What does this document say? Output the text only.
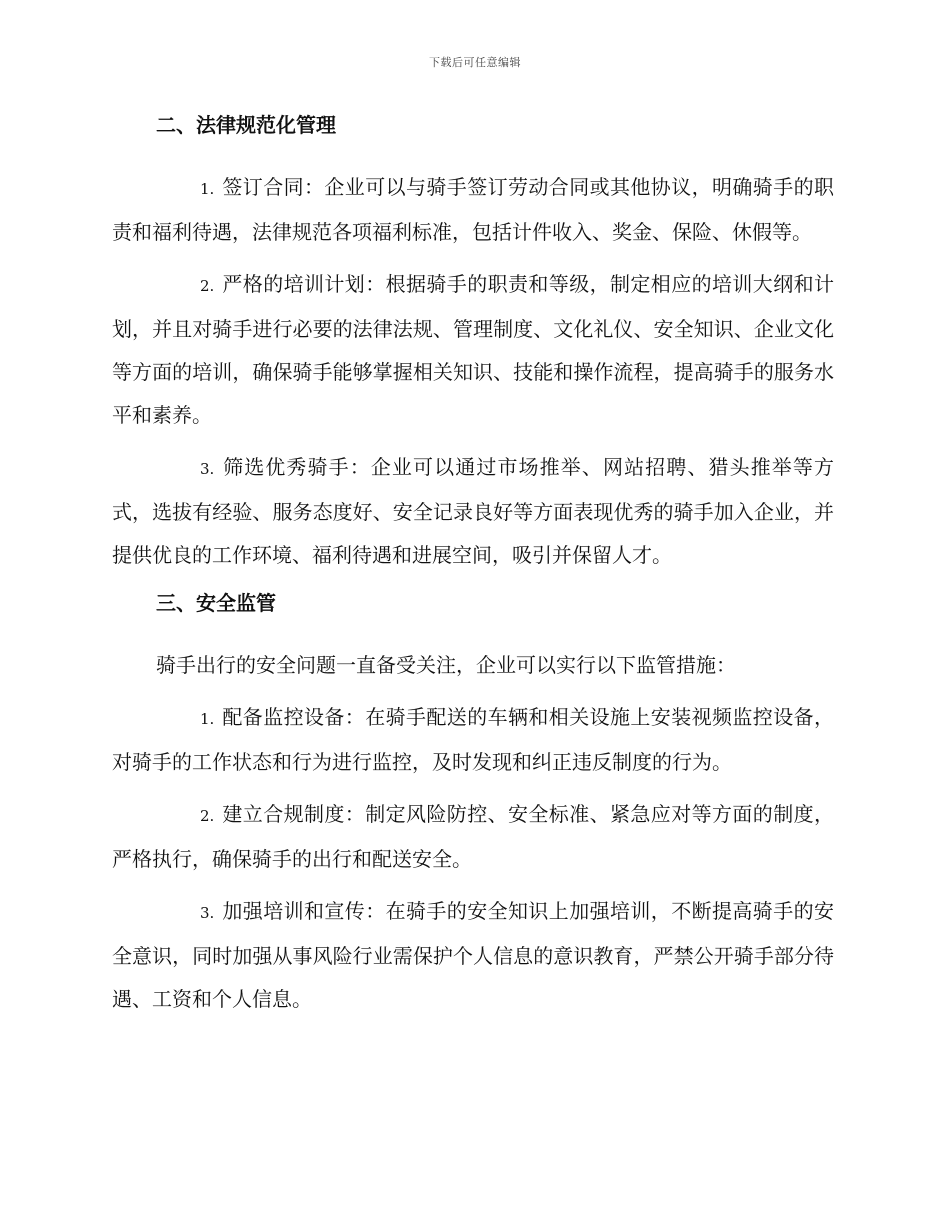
下载后可任意编辑
二、法律规范化管理

1. 签订合同：企业可以与骑手签订劳动合同或其他协议，明确骑手的职责和福利待遇，法律规范各项福利标准，包括计件收入、奖金、保险、休假等。

2. 严格的培训计划：根据骑手的职责和等级，制定相应的培训大纲和计划，并且对骑手进行必要的法律法规、管理制度、文化礼仪、安全知识、企业文化等方面的培训，确保骑手能够掌握相关知识、技能和操作流程，提高骑手的服务水平和素养。

3. 筛选优秀骑手：企业可以通过市场推举、网站招聘、猎头推举等方式，选拔有经验、服务态度好、安全记录良好等方面表现优秀的骑手加入企业，并提供优良的工作环境、福利待遇和进展空间，吸引并保留人才。

三、安全监管

骑手出行的安全问题一直备受关注，企业可以实行以下监管措施：

1. 配备监控设备：在骑手配送的车辆和相关设施上安装视频监控设备，对骑手的工作状态和行为进行监控，及时发现和纠正违反制度的行为。

2. 建立合规制度：制定风险防控、安全标准、紧急应对等方面的制度，严格执行，确保骑手的出行和配送安全。

3. 加强培训和宣传：在骑手的安全知识上加强培训，不断提高骑手的安全意识，同时加强从事风险行业需保护个人信息的意识教育，严禁公开骑手部分待遇、工资和个人信息。
